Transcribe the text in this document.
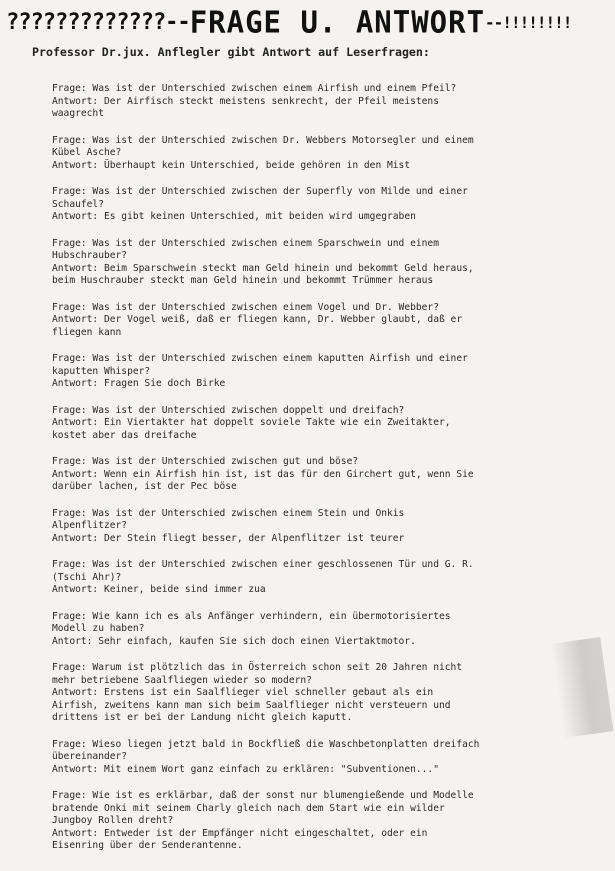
?????????????-- FRAGE U. ANTWORT --!!!!!!!!
Professor Dr.jux. Anflegler gibt Antwort auf Leserfragen:
Frage: Was ist der Unterschied zwischen einem Airfish und einem Pfeil?
Antwort: Der Airfisch steckt meistens senkrecht, der Pfeil meistens
waagrecht
Frage: Was ist der Unterschied zwischen Dr. Webbers Motorsegler und einem
Kübel Asche?
Antwort: Überhaupt kein Unterschied, beide gehören in den Mist
Frage: Was ist der Unterschied zwischen der Superfly von Milde und einer
Schaufel?
Antwort: Es gibt keinen Unterschied, mit beiden wird umgegraben
Frage: Was ist der Unterschied zwischen einem Sparschwein und einem
Hubschrauber?
Antwort: Beim Sparschwein steckt man Geld hinein und bekommt Geld heraus,
beim Huschrauber steckt man Geld hinein und bekommt Trümmer heraus
Frage: Was ist der Unterschied zwischen einem Vogel und Dr. Webber?
Antwort: Der Vogel weiß, daß er fliegen kann, Dr. Webber glaubt, daß er
fliegen kann
Frage: Was ist der Unterschied zwischen einem kaputten Airfish und einer
kaputten Whisper?
Antwort: Fragen Sie doch Birke
Frage: Was ist der Unterschied zwischen doppelt und dreifach?
Antwort: Ein Viertakter hat doppelt soviele Takte wie ein Zweitakter,
kostet aber das dreifache
Frage: Was ist der Unterschied zwischen gut und böse?
Antwort: Wenn ein Airfish hin ist, ist das für den Girchert gut, wenn Sie
darüber lachen, ist der Pec böse
Frage: Was ist der Unterschied zwischen einem Stein und Onkis
Alpenflitzer?
Antwort: Der Stein fliegt besser, der Alpenflitzer ist teurer
Frage: Was ist der Unterschied zwischen einer geschlossenen Tür und G. R.
(Tschi Ahr)?
Antwort: Keiner, beide sind immer zua
Frage: Wie kann ich es als Anfänger verhindern, ein übermotorisiertes
Modell zu haben?
Antort: Sehr einfach, kaufen Sie sich doch einen Viertaktmotor.
Frage: Warum ist plötzlich das in Österreich schon seit 20 Jahren nicht
mehr betriebene Saalfliegen wieder so modern?
Antwort: Erstens ist ein Saalflieger viel schneller gebaut als ein
Airfish, zweitens kann man sich beim Saalflieger nicht versteuern und
drittens ist er bei der Landung nicht gleich kaputt.
Frage: Wieso liegen jetzt bald in Bockfließ die Waschbetonplatten dreifach
übereinander?
Antwort: Mit einem Wort ganz einfach zu erklären: "Subventionen..."
Frage: Wie ist es erklärbar, daß der sonst nur blumengießende und Modelle
bratende Onki mit seinem Charly gleich nach dem Start wie ein wilder
Jungboy Rollen dreht?
Antwort: Entweder ist der Empfänger nicht eingeschaltet, oder ein
Eisenring über der Senderantenne.
